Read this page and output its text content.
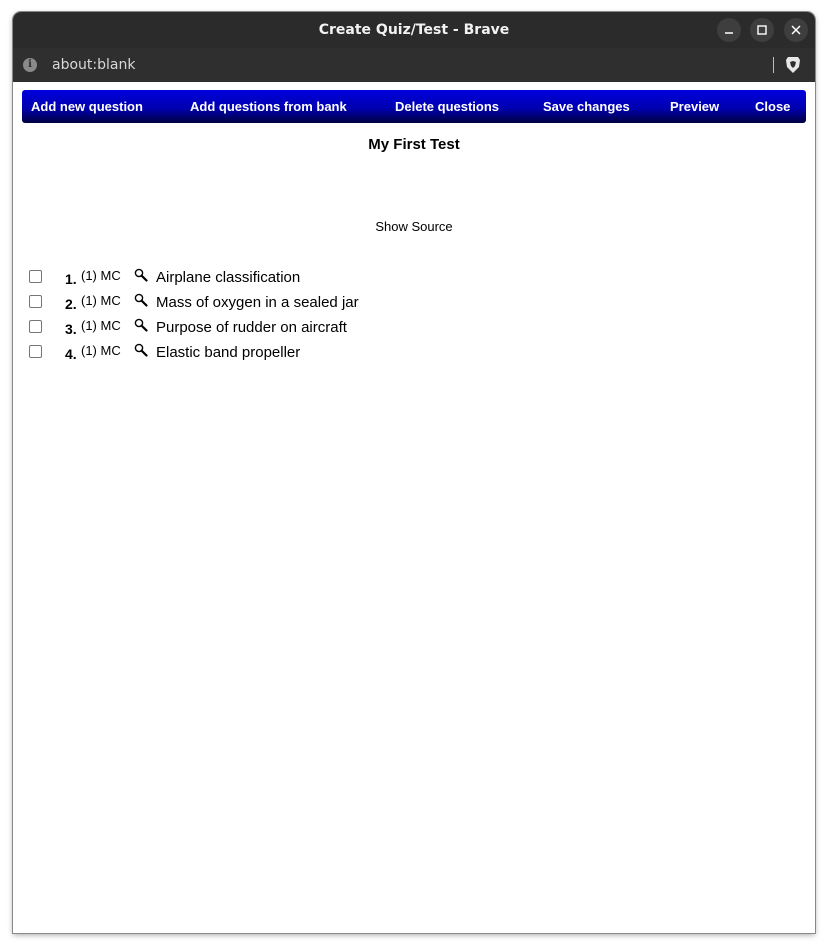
Create Quiz/Test - Brave
i	about:blank
Add new question	Add questions from bank	Delete questions	Save changes	Preview	Close
My First Test
Show Source
1. (1) MC Airplane classification
2. (1) MC Mass of oxygen in a sealed jar
3. (1) MC Purpose of rudder on aircraft
4. (1) MC Elastic band propeller
